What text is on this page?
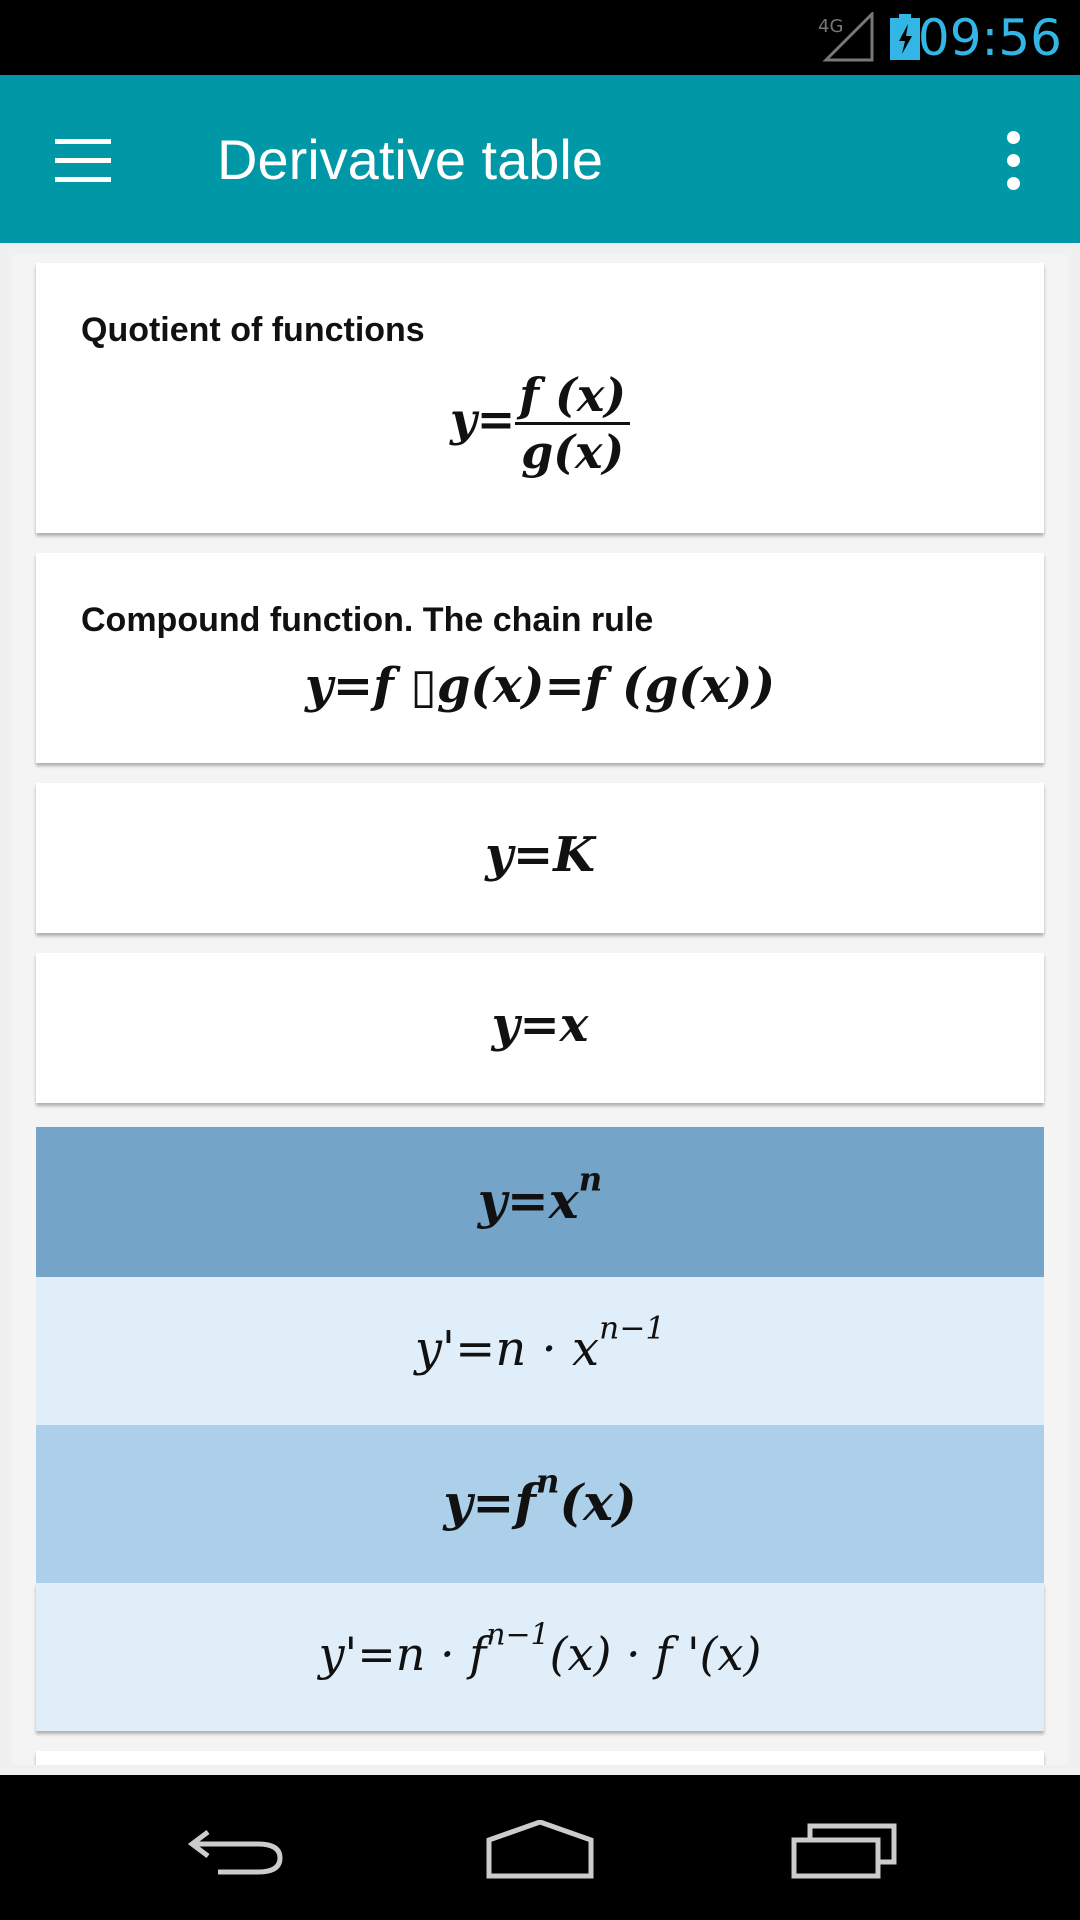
4G 09:56
Derivative table
Quotient of functions
$y= \frac{f (x)}{g(x)}$
Compound function. The chain rule
y=f ▯g(x)=f (g(x))
y=K
y=x
$y=x^n$
$y'=n \cdot x^{n-1}$
$y=f^n(x)$
$y'=n \cdot f^{n-1}(x) \cdot f$ '(x)
